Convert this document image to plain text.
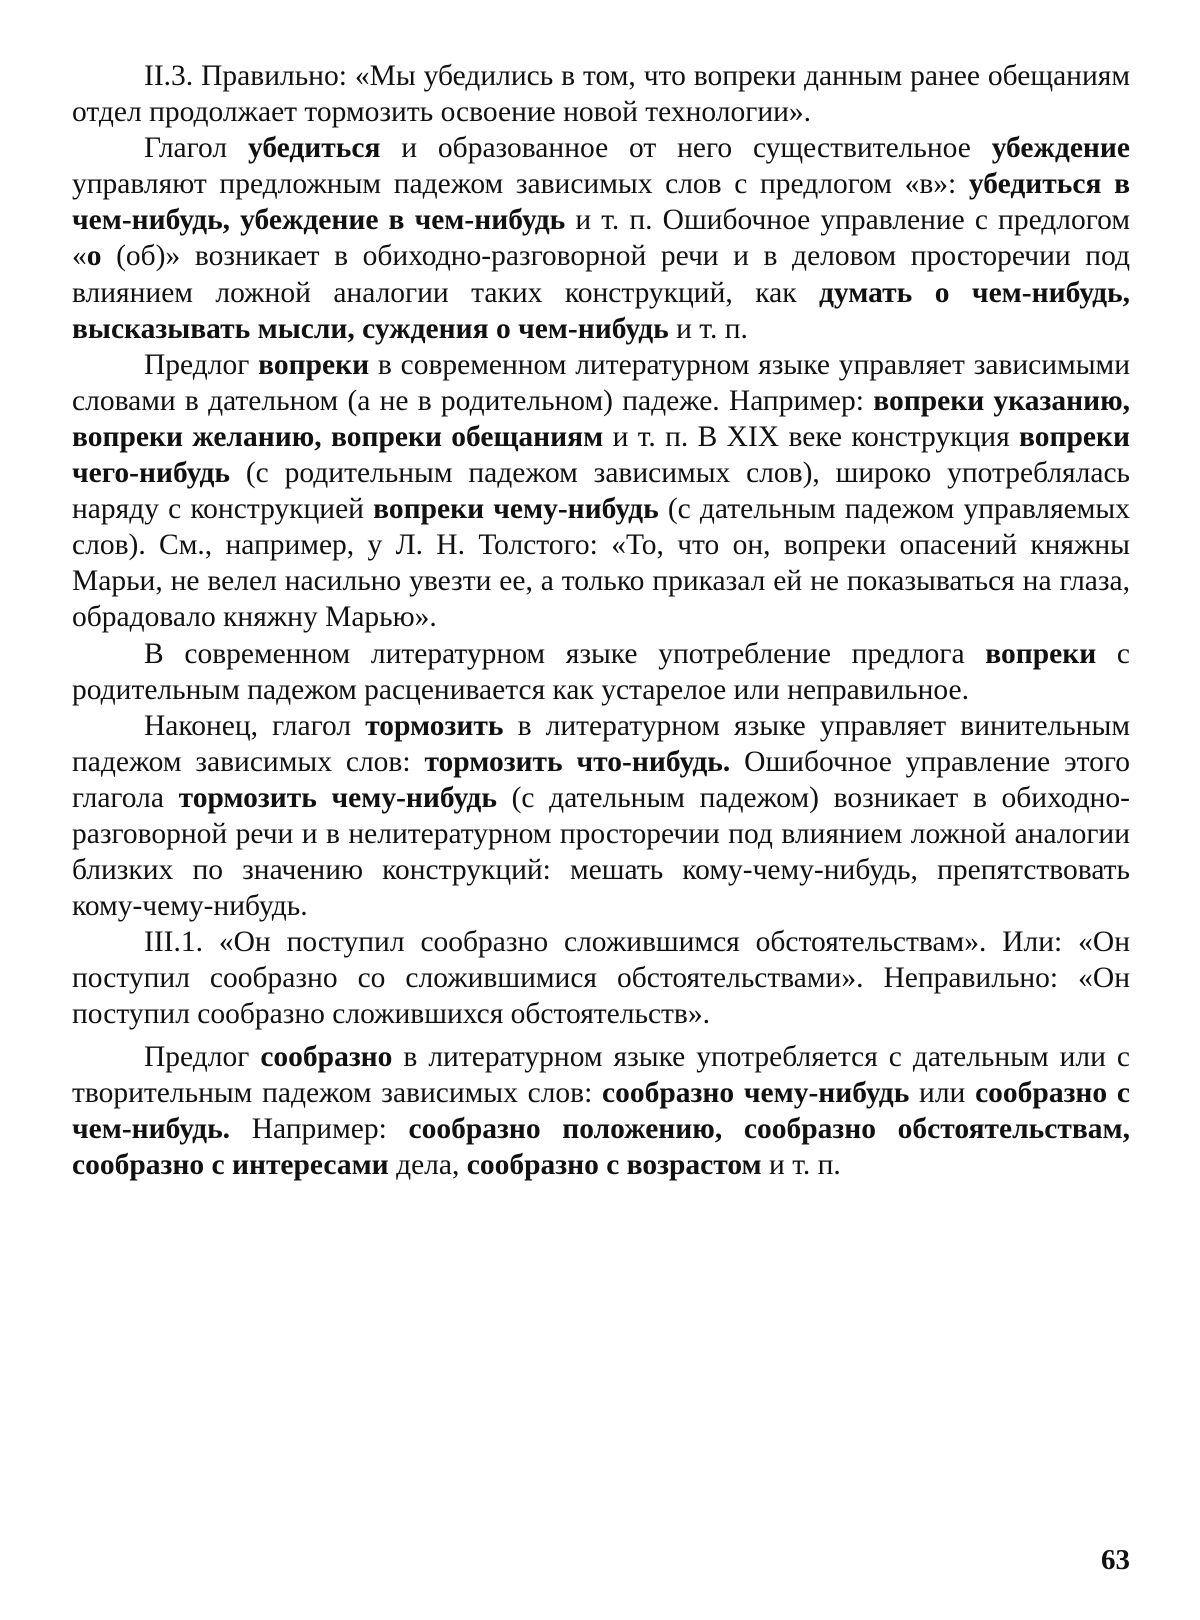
II.3. Правильно: «Мы убедились в том, что вопреки данным ранее обещаниям отдел продолжает тормозить освоение новой технологии».

Глагол убедиться и образованное от него существительное убеждение управляют предложным падежом зависимых слов с предлогом «в»: убедиться в чем-нибудь, убеждение в чем-нибудь и т. п. Ошибочное управление с предлогом «о (об)» возникает в обиходно-разговорной речи и в деловом просторечии под влиянием ложной аналогии таких конструкций, как думать о чем-нибудь, высказывать мысли, суждения о чем-нибудь и т. п.

Предлог вопреки в современном литературном языке управляет зависимыми словами в дательном (а не в родительном) падеже. Например: вопреки указанию, вопреки желанию, вопреки обещаниям и т. п. В XIX веке конструкция вопреки чего-нибудь (с родительным падежом зависимых слов), широко употреблялась наряду с конструкцией вопреки чему-нибудь (с дательным падежом управляемых слов). См., например, у Л. Н. Толстого: «То, что он, вопреки опасений княжны Марьи, не велел насильно увезти ее, а только приказал ей не показываться на глаза, обрадовало княжну Марью».

В современном литературном языке употребление предлога вопреки с родительным падежом расценивается как устарелое или неправильное.

Наконец, глагол тормозить в литературном языке управляет винительным падежом зависимых слов: тормозить что-нибудь. Ошибочное управление этого глагола тормозить чему-нибудь (с дательным падежом) возникает в обиходно-разговорной речи и в нелитературном просторечии под влиянием ложной аналогии близких по значению конструкций: мешать кому-чему-нибудь, препятствовать кому-чему-нибудь.

III.1. «Он поступил сообразно сложившимся обстоятельствам». Или: «Он поступил сообразно со сложившимися обстоятельствами». Неправильно: «Он поступил сообразно сложившихся обстоятельств».

Предлог сообразно в литературном языке употребляется с дательным или с творительным падежом зависимых слов: сообразно чему-нибудь или сообразно с чем-нибудь. Например: сообразно положению, сообразно обстоятельствам, сообразно с интересами дела, сообразно с возрастом и т. п.

63
